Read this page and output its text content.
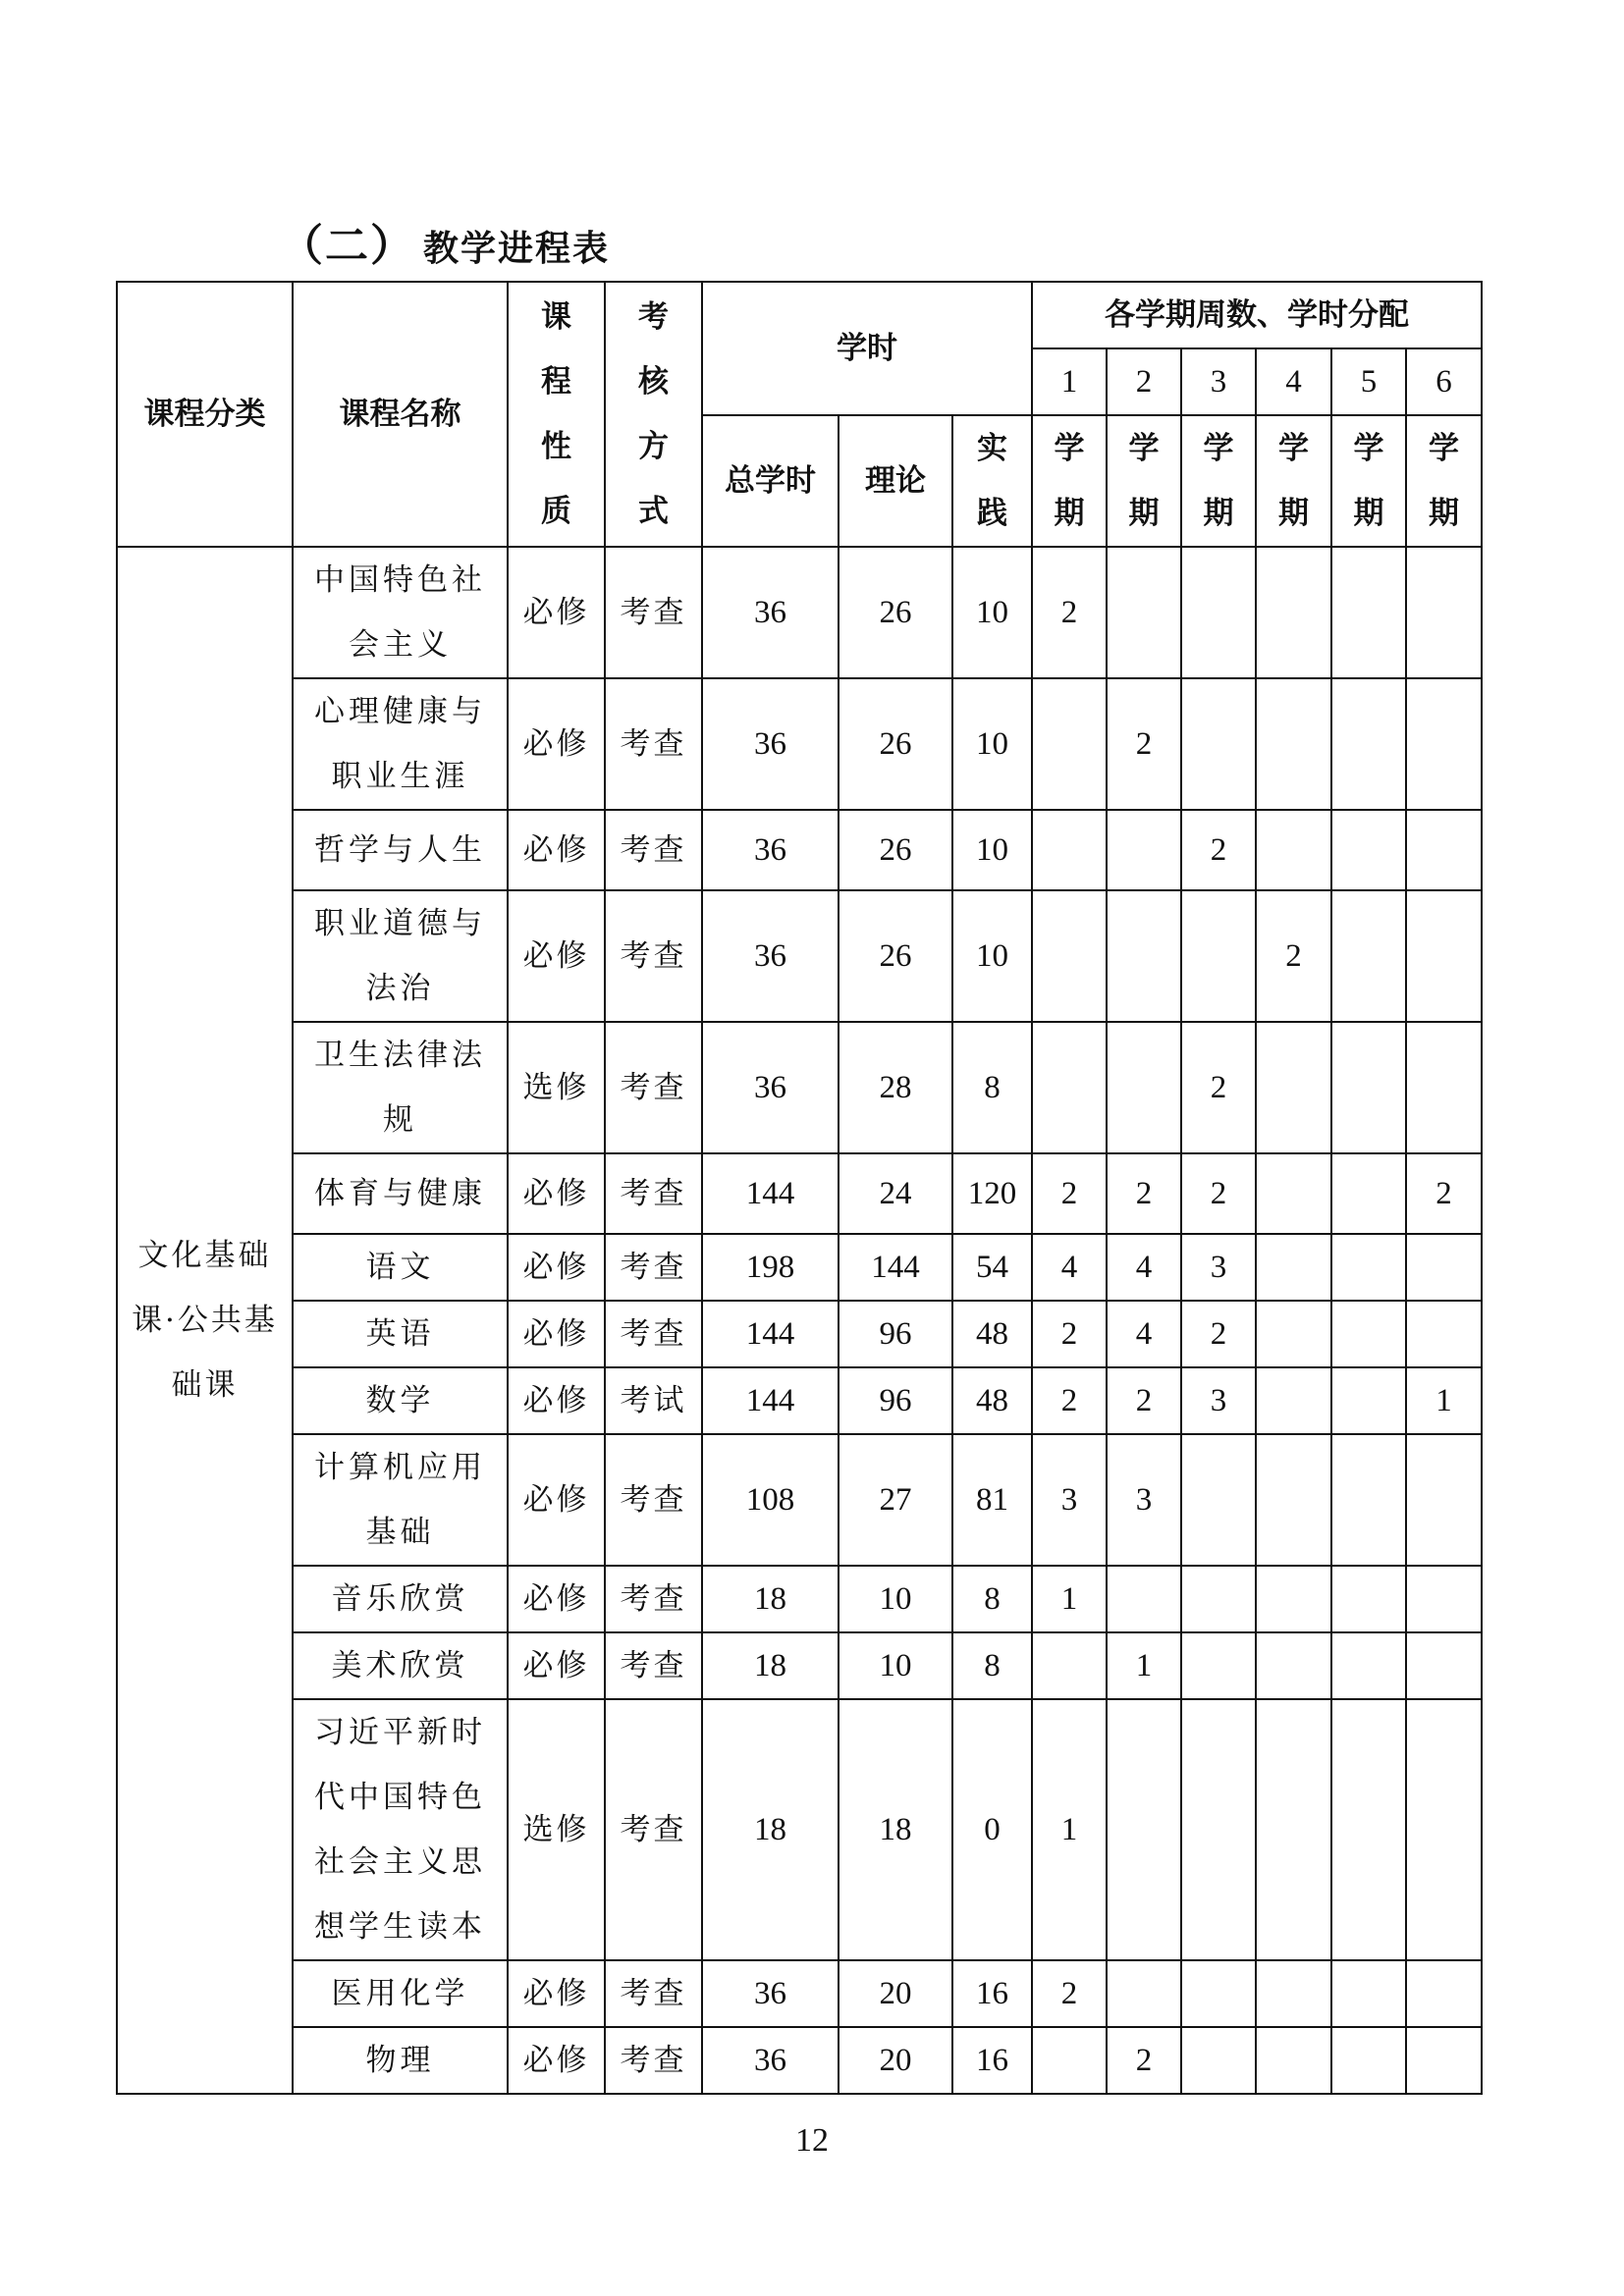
（二） 教学进程表
课程分类	课程名称	课程性质	考核方式	学时			各学期周数、学时分配					
							1	2	3	4	5	6
				总学时	理论	实践	学期	学期	学期	学期	学期	学期
文化基础课·公共基础课	中国特色社会主义	必修	考查	36	26	10	2					
	心理健康与职业生涯	必修	考查	36	26	10		2				
	哲学与人生	必修	考查	36	26	10			2			
	职业道德与法治	必修	考查	36	26	10				2		
	卫生法律法规	选修	考查	36	28	8			2			
	体育与健康	必修	考查	144	24	120	2	2	2			2
	语文	必修	考查	198	144	54	4	4	3			
	英语	必修	考查	144	96	48	2	4	2			
	数学	必修	考试	144	96	48	2	2	3			1
	计算机应用基础	必修	考查	108	27	81	3	3				
	音乐欣赏	必修	考查	18	10	8	1					
	美术欣赏	必修	考查	18	10	8		1				
	习近平新时代中国特色社会主义思想学生读本	选修	考查	18	18	0	1					
	医用化学	必修	考查	36	20	16	2					
	物理	必修	考查	36	20	16		2				
12
